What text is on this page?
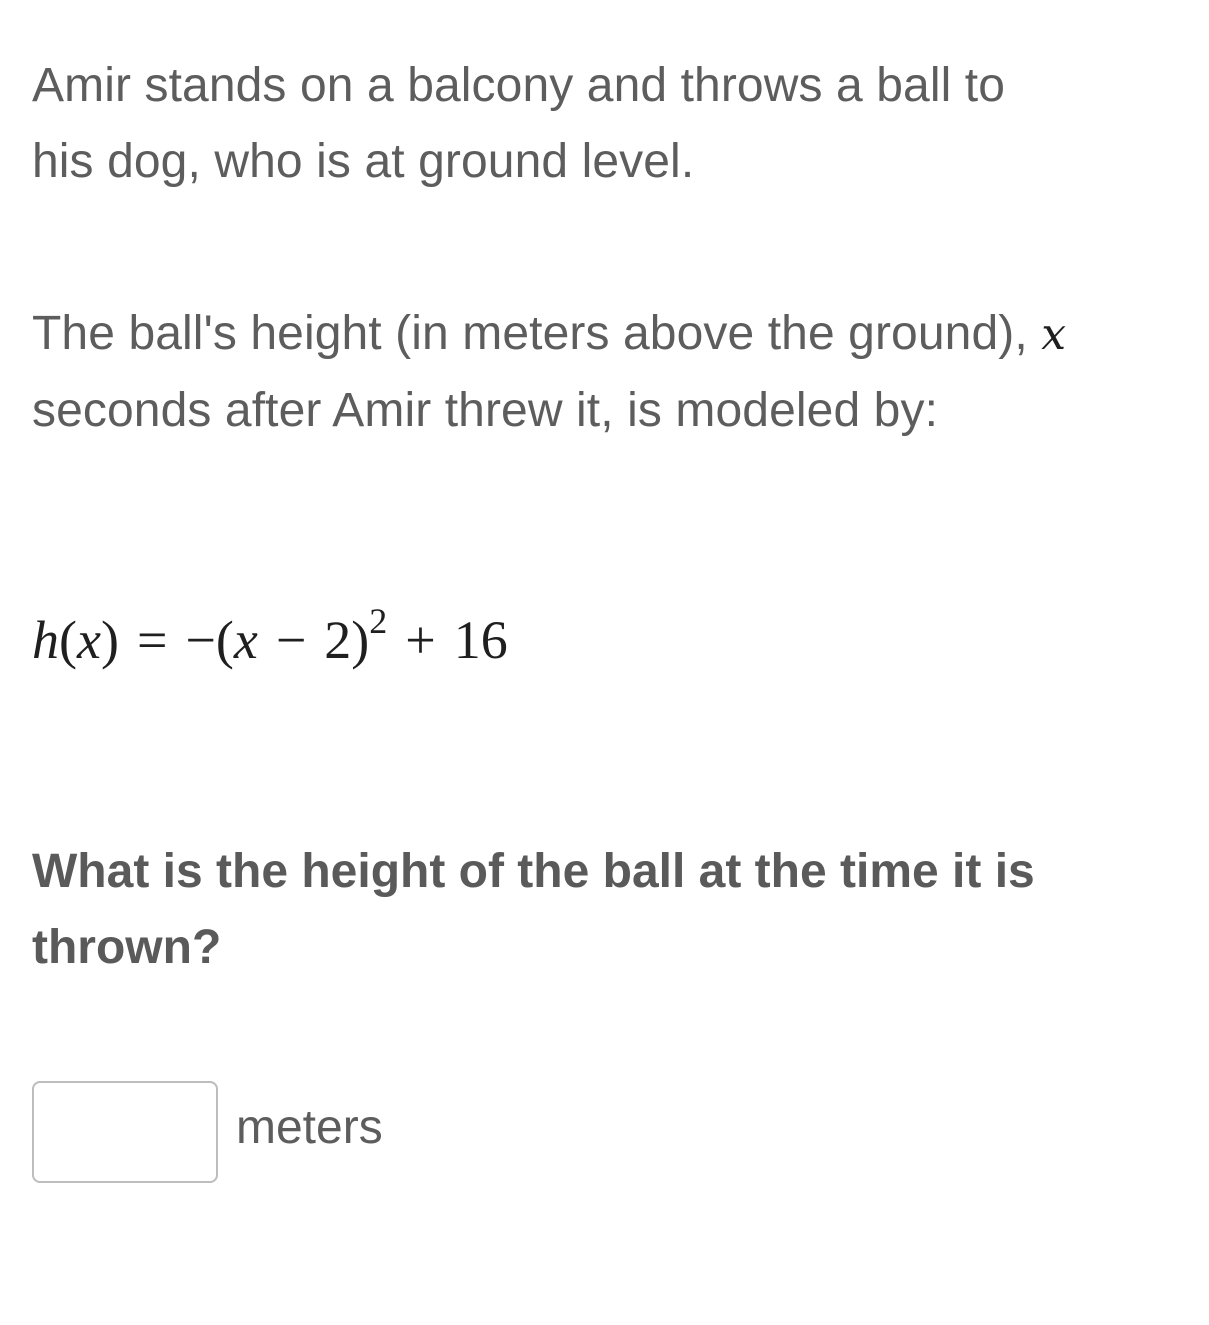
Amir stands on a balcony and throws a ball to
his dog, who is at ground level.
The ball's height (in meters above the ground), x
seconds after Amir threw it, is modeled by:
$h(x) = -(x - 2)^2 + 16$
What is the height of the ball at the time it is
thrown?
meters
